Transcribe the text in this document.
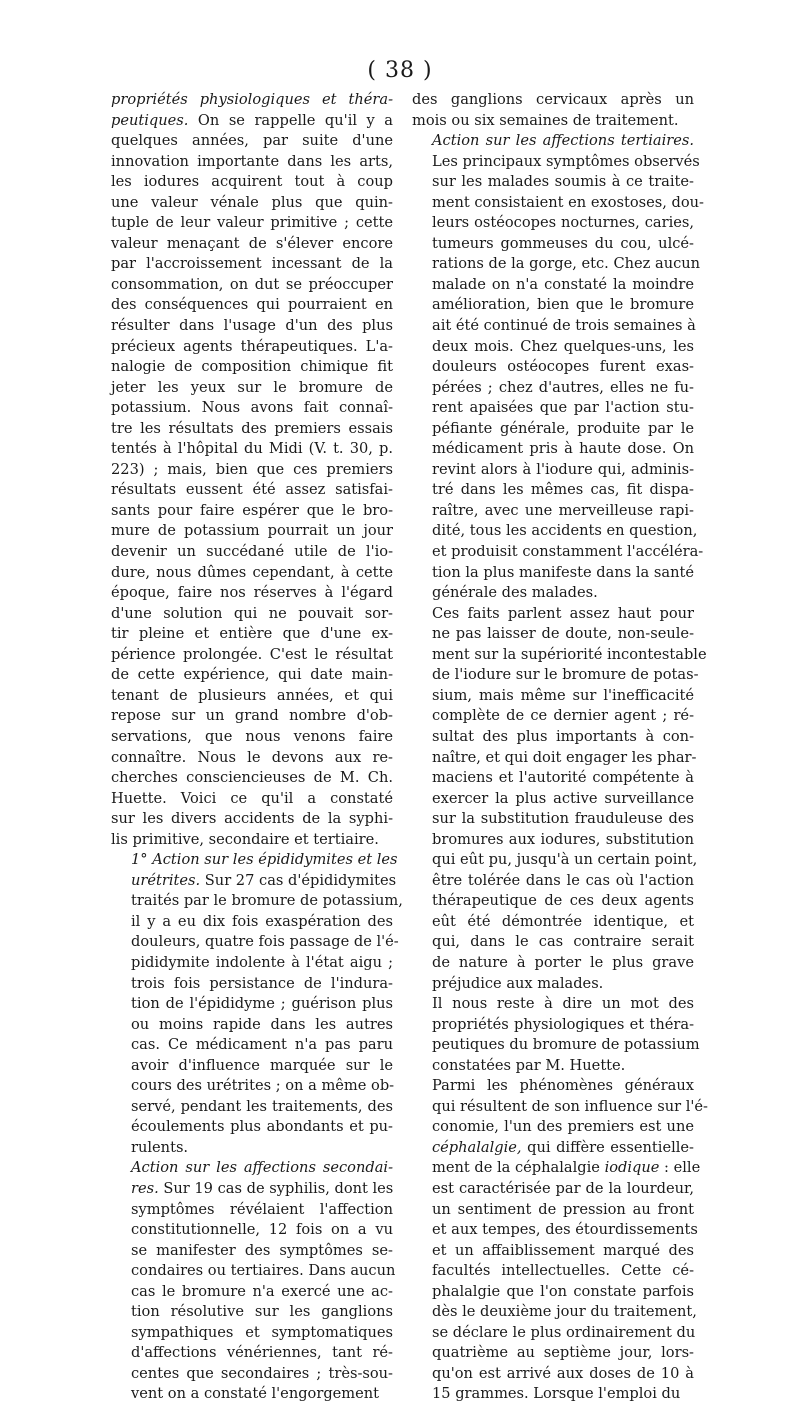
( 38 )

propriétés physiologiques et théra-
peutiques. On se rappelle qu'il y a
quelques années, par suite d'une
innovation importante dans les arts,
les iodures acquirent tout à coup
une valeur vénale plus que quin-
tuple de leur valeur primitive ; cette
valeur menaçant de s'élever encore
par l'accroissement incessant de la
consommation, on dut se préoccuper
des conséquences qui pourraient en
résulter dans l'usage d'un des plus
précieux agents thérapeutiques. L'a-
nalogie de composition chimique fit
jeter les yeux sur le bromure de
potassium. Nous avons fait connaî-
tre les résultats des premiers essais
tentés à l'hôpital du Midi (V. t. 30, p.
223) ; mais, bien que ces premiers
résultats eussent été assez satisfai-
sants pour faire espérer que le bro-
mure de potassium pourrait un jour
devenir un succédané utile de l'io-
dure, nous dûmes cependant, à cette
époque, faire nos réserves à l'égard
d'une solution qui ne pouvait sor-
tir pleine et entière que d'une ex-
périence prolongée. C'est le résultat
de cette expérience, qui date main-
tenant de plusieurs années, et qui
repose sur un grand nombre d'ob-
servations, que nous venons faire
connaître. Nous le devons aux re-
cherches consciencieuses de M. Ch.
Huette. Voici ce qu'il a constaté
sur les divers accidents de la syphi-
lis primitive, secondaire et tertiaire.

1° Action sur les épididymites et les
urétrites. Sur 27 cas d'épididymites
traités par le bromure de potassium,
il y a eu dix fois exaspération des
douleurs, quatre fois passage de l'é-
pididymite indolente à l'état aigu ;
trois fois persistance de l'indura-
tion de l'épididyme ; guérison plus
ou moins rapide dans les autres
cas. Ce médicament n'a pas paru
avoir d'influence marquée sur le
cours des urétrites ; on a même ob-
servé, pendant les traitements, des
écoulements plus abondants et pu-
rulents.

Action sur les affections secondai-
res. Sur 19 cas de syphilis, dont les
symptômes révélaient l'affection
constitutionnelle, 12 fois on a vu
se manifester des symptômes se-
condaires ou tertiaires. Dans aucun
cas le bromure n'a exercé une ac-
tion résolutive sur les ganglions
sympathiques et symptomatiques
d'affections vénériennes, tant ré-
centes que secondaires ; très-sou-
vent on a constaté l'engorgement

des ganglions cervicaux après un
mois ou six semaines de traitement.

Action sur les affections tertiaires.
Les principaux symptômes observés
sur les malades soumis à ce traite-
ment consistaient en exostoses, dou-
leurs ostéocopes nocturnes, caries,
tumeurs gommeuses du cou, ulcé-
rations de la gorge, etc. Chez aucun
malade on n'a constaté la moindre
amélioration, bien que le bromure
ait été continué de trois semaines à
deux mois. Chez quelques-uns, les
douleurs ostéocopes furent exas-
pérées ; chez d'autres, elles ne fu-
rent apaisées que par l'action stu-
péfiante générale, produite par le
médicament pris à haute dose. On
revint alors à l'iodure qui, adminis-
tré dans les mêmes cas, fit dispa-
raître, avec une merveilleuse rapi-
dité, tous les accidents en question,
et produisit constamment l'accéléra-
tion la plus manifeste dans la santé
générale des malades.

Ces faits parlent assez haut pour
ne pas laisser de doute, non-seule-
ment sur la supériorité incontestable
de l'iodure sur le bromure de potas-
sium, mais même sur l'inefficacité
complète de ce dernier agent ; ré-
sultat des plus importants à con-
naître, et qui doit engager les phar-
maciens et l'autorité compétente à
exercer la plus active surveillance
sur la substitution frauduleuse des
bromures aux iodures, substitution
qui eût pu, jusqu'à un certain point,
être tolérée dans le cas où l'action
thérapeutique de ces deux agents
eût été démontrée identique, et
qui, dans le cas contraire serait
de nature à porter le plus grave
préjudice aux malades.

Il nous reste à dire un mot des
propriétés physiologiques et théra-
peutiques du bromure de potassium
constatées par M. Huette.

Parmi les phénomènes généraux
qui résultent de son influence sur l'é-
conomie, l'un des premiers est une
céphalalgie, qui diffère essentielle-
ment de la céphalalgie iodique : elle
est caractérisée par de la lourdeur,
un sentiment de pression au front
et aux tempes, des étourdissements
et un affaiblissement marqué des
facultés intellectuelles. Cette cé-
phalalgie que l'on constate parfois
dès le deuxième jour du traitement,
se déclare le plus ordinairement du
quatrième au septième jour, lors-
qu'on est arrivé aux doses de 10 à
15 grammes. Lorsque l'emploi du
